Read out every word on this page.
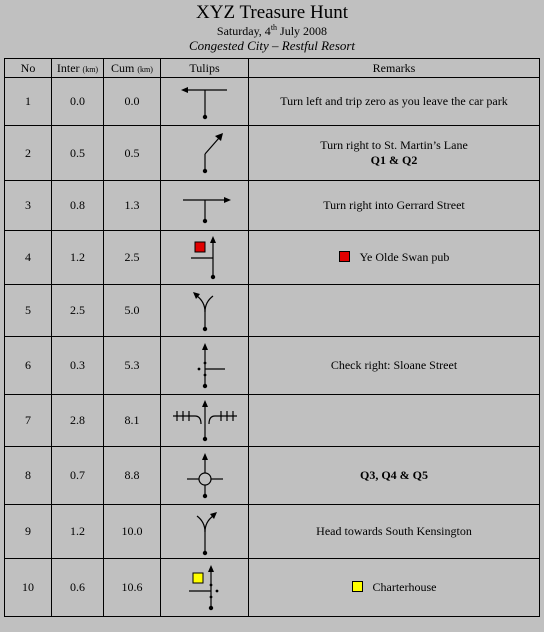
XYZ Treasure Hunt
Saturday, 4th July 2008
Congested City – Restful Resort
No	Inter (km)	Cum (km)	Tulips	Remarks
1	0.0	0.0		Turn left and trip zero as you leave the car park
2	0.5	0.5		Turn right to St. Martin’s Lane
Q1 & Q2

3	0.8	1.3		Turn right into Gerrard Street
4	1.2	2.5		Ye Olde Swan pub
5	2.5	5.0	

6	0.3	5.3		Check right: Sloane Street
7	2.8	8.1	

8	0.7	8.8		Q3, Q4 & Q5
9	1.2	10.0		Head towards South Kensington
10	0.6	10.6		Charterhouse
